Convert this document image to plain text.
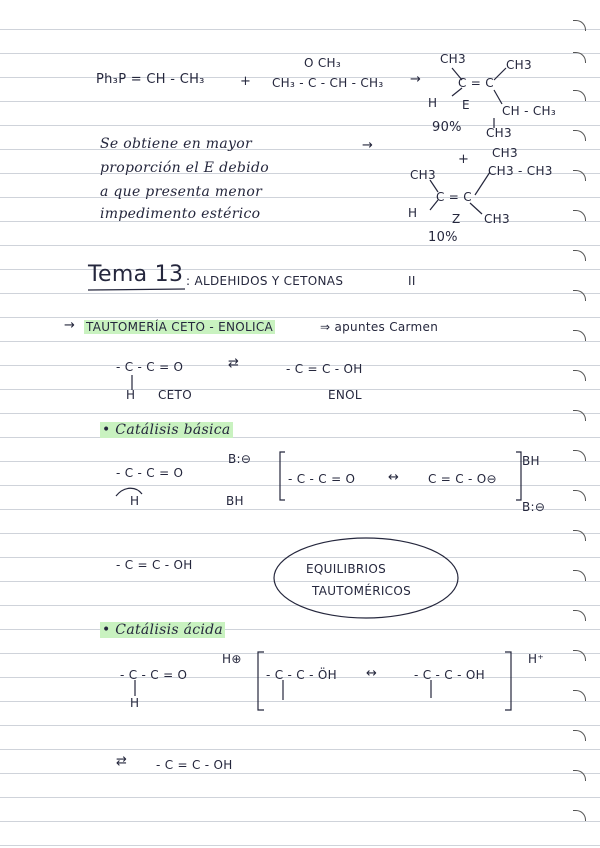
Ph₃P = CH - CH₃	+
O CH₃
CH₃ - C - CH - CH₃ →
CH3	CH3
C = C
H E	CH - CH₃
CH3
90%
Se obtiene en mayor
proporción el E debido
a que presenta menor
impedimento estérico
→
+ CH3
CH3 - CH3
CH3
C = C
H	Z CH3
10%
Tema 13 : ALDEHIDOS Y CETONAS	II
→ TAUTOMERÍA CETO - ENOLICA	⇒ apuntes Carmen
- C - C = O
H CETO
⇄	- C = C - OH
ENOL
• Catálisis básica
- C - C = O
B:⊖
BH
H
- C - C = O	↔ C = C - O⊖
BH
B:⊖
- C = C - OH	EQUILIBRIOS
TAUTOMÉRICOS
• Catálisis ácida
- C - C = O
H
H⊕
- C - C - ÖH ↔	- C - C - OH
H⁺
⇄ - C = C - OH
